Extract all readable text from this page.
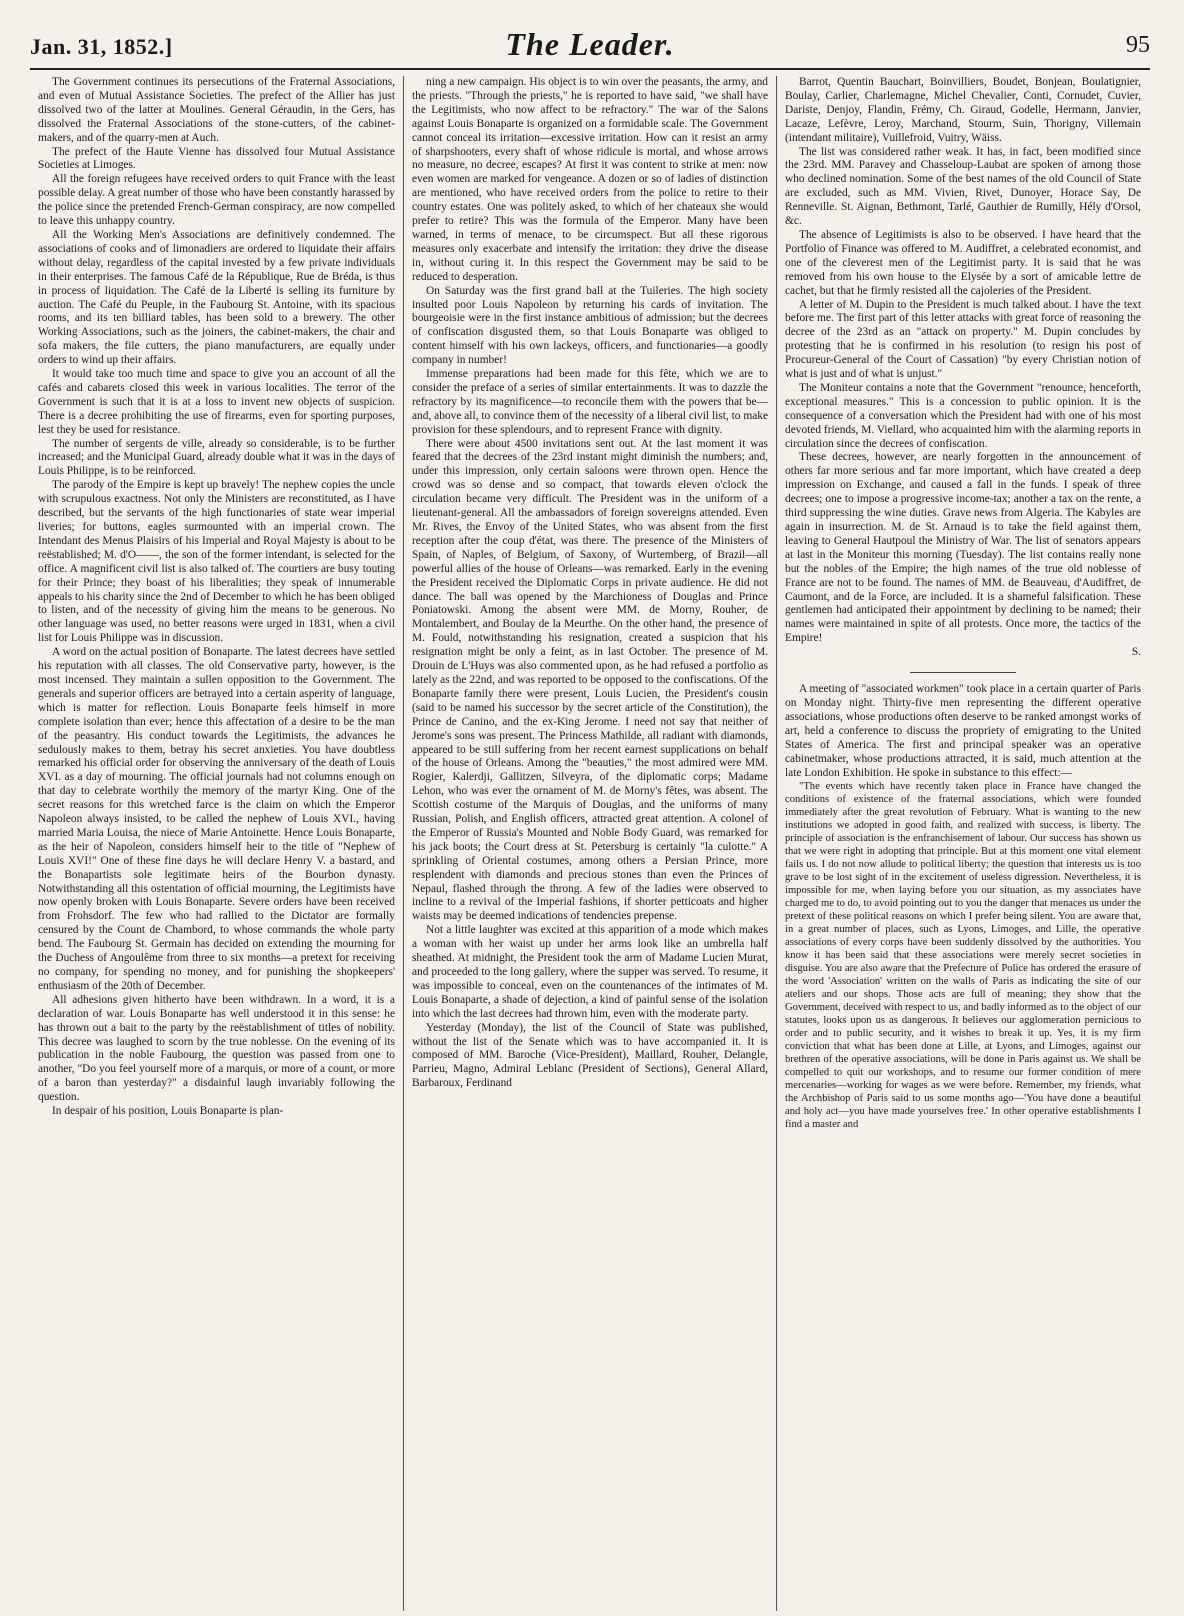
Jan. 31, 1852.]	The Leader.	95

The Government continues its persecutions of the Fraternal Associations, and even of Mutual Assistance Societies. The prefect of the Allier has just dissolved two of the latter at Moulines. General Géraudin, in the Gers, has dissolved the Fraternal Associations of the stone-cutters, of the cabinet-makers, and of the quarry-men at Auch.

The prefect of the Haute Vienne has dissolved four Mutual Assistance Societies at Limoges.

All the foreign refugees have received orders to quit France with the least possible delay. A great number of those who have been constantly harassed by the police since the pretended French-German conspiracy, are now compelled to leave this unhappy country.

All the Working Men's Associations are definitively condemned. The associations of cooks and of limonadiers are ordered to liquidate their affairs without delay, regardless of the capital invested by a few private individuals in their enterprises. The famous Café de la République, Rue de Bréda, is thus in process of liquidation. The Café de la Liberté is selling its furniture by auction. The Café du Peuple, in the Faubourg St. Antoine, with its spacious rooms, and its ten billiard tables, has been sold to a brewery. The other Working Associations, such as the joiners, the cabinet-makers, the chair and sofa makers, the file cutters, the piano manufacturers, are equally under orders to wind up their affairs.

It would take too much time and space to give you an account of all the cafés and cabarets closed this week in various localities. The terror of the Government is such that it is at a loss to invent new objects of suspicion. There is a decree prohibiting the use of firearms, even for sporting purposes, lest they be used for resistance.

The number of sergents de ville, already so considerable, is to be further increased; and the Municipal Guard, already double what it was in the days of Louis Philippe, is to be reinforced.

The parody of the Empire is kept up bravely! The nephew copies the uncle with scrupulous exactness. Not only the Ministers are reconstituted, as I have described, but the servants of the high functionaries of state wear imperial liveries; for buttons, eagles surmounted with an imperial crown. The Intendant des Menus Plaisirs of his Imperial and Royal Majesty is about to be reëstablished; M. d'O——, the son of the former intendant, is selected for the office. A magnificent civil list is also talked of. The courtiers are busy touting for their Prince; they boast of his liberalities; they speak of innumerable appeals to his charity since the 2nd of December to which he has been obliged to listen, and of the necessity of giving him the means to be generous. No other language was used, no better reasons were urged in 1831, when a civil list for Louis Philippe was in discussion.

A word on the actual position of Bonaparte. The latest decrees have settled his reputation with all classes. The old Conservative party, however, is the most incensed. They maintain a sullen opposition to the Government. The generals and superior officers are betrayed into a certain asperity of language, which is matter for reflection. Louis Bonaparte feels himself in more complete isolation than ever; hence this affectation of a desire to be the man of the peasantry. His conduct towards the Legitimists, the advances he sedulously makes to them, betray his secret anxieties. You have doubtless remarked his official order for observing the anniversary of the death of Louis XVI. as a day of mourning. The official journals had not columns enough on that day to celebrate worthily the memory of the martyr King. One of the secret reasons for this wretched farce is the claim on which the Emperor Napoleon always insisted, to be called the nephew of Louis XVI., having married Maria Louisa, the niece of Marie Antoinette. Hence Louis Bonaparte, as the heir of Napoleon, considers himself heir to the title of "Nephew of Louis XVI!" One of these fine days he will declare Henry V. a bastard, and the Bonapartists sole legitimate heirs of the Bourbon dynasty. Notwithstanding all this ostentation of official mourning, the Legitimists have now openly broken with Louis Bonaparte. Severe orders have been received from Frohsdorf. The few who had rallied to the Dictator are formally censured by the Count de Chambord, to whose commands the whole party bend. The Faubourg St. Germain has decided on extending the mourning for the Duchess of Angoulême from three to six months—a pretext for receiving no company, for spending no money, and for punishing the shopkeepers' enthusiasm of the 20th of December.

All adhesions given hitherto have been withdrawn. In a word, it is a declaration of war. Louis Bonaparte has well understood it in this sense: he has thrown out a bait to the party by the reëstablishment of titles of nobility. This decree was laughed to scorn by the true noblesse. On the evening of its publication in the noble Faubourg, the question was passed from one to another, "Do you feel yourself more of a marquis, or more of a count, or more of a baron than yesterday?" a disdainful laugh invariably following the question.

In despair of his position, Louis Bonaparte is plan-

ning a new campaign. His object is to win over the peasants, the army, and the priests. "Through the priests," he is reported to have said, "we shall have the Legitimists, who now affect to be refractory." The war of the Salons against Louis Bonaparte is organized on a formidable scale. The Government cannot conceal its irritation—excessive irritation. How can it resist an army of sharpshooters, every shaft of whose ridicule is mortal, and whose arrows no measure, no decree, escapes? At first it was content to strike at men: now even women are marked for vengeance. A dozen or so of ladies of distinction are mentioned, who have received orders from the police to retire to their country estates. One was politely asked, to which of her chateaux she would prefer to retire? This was the formula of the Emperor. Many have been warned, in terms of menace, to be circumspect. But all these rigorous measures only exacerbate and intensify the irritation: they drive the disease in, without curing it. In this respect the Government may be said to be reduced to desperation.

On Saturday was the first grand ball at the Tuileries. The high society insulted poor Louis Napoleon by returning his cards of invitation. The bourgeoisie were in the first instance ambitious of admission; but the decrees of confiscation disgusted them, so that Louis Bonaparte was obliged to content himself with his own lackeys, officers, and functionaries—a goodly company in number!

Immense preparations had been made for this fête, which we are to consider the preface of a series of similar entertainments. It was to dazzle the refractory by its magnificence—to reconcile them with the powers that be—and, above all, to convince them of the necessity of a liberal civil list, to make provision for these splendours, and to represent France with dignity.

There were about 4500 invitations sent out. At the last moment it was feared that the decrees of the 23rd instant might diminish the numbers; and, under this impression, only certain saloons were thrown open. Hence the crowd was so dense and so compact, that towards eleven o'clock the circulation became very difficult. The President was in the uniform of a lieutenant-general. All the ambassadors of foreign sovereigns attended. Even Mr. Rives, the Envoy of the United States, who was absent from the first reception after the coup d'état, was there. The presence of the Ministers of Spain, of Naples, of Belgium, of Saxony, of Wurtemberg, of Brazil—all powerful allies of the house of Orleans—was remarked. Early in the evening the President received the Diplomatic Corps in private audience. He did not dance. The ball was opened by the Marchioness of Douglas and Prince Poniatowski. Among the absent were MM. de Morny, Rouher, de Montalembert, and Boulay de la Meurthe. On the other hand, the presence of M. Fould, notwithstanding his resignation, created a suspicion that his resignation might be only a feint, as in last October. The presence of M. Drouin de L'Huys was also commented upon, as he had refused a portfolio as lately as the 22nd, and was reported to be opposed to the confiscations. Of the Bonaparte family there were present, Louis Lucien, the President's cousin (said to be named his successor by the secret article of the Constitution), the Prince de Canino, and the ex-King Jerome. I need not say that neither of Jerome's sons was present. The Princess Mathilde, all radiant with diamonds, appeared to be still suffering from her recent earnest supplications on behalf of the house of Orleans. Among the "beauties," the most admired were MM. Rogier, Kalerdji, Gallitzen, Silveyra, of the diplomatic corps; Madame Lehon, who was ever the ornament of M. de Morny's fêtes, was absent. The Scottish costume of the Marquis of Douglas, and the uniforms of many Russian, Polish, and English officers, attracted great attention. A colonel of the Emperor of Russia's Mounted and Noble Body Guard, was remarked for his jack boots; the Court dress at St. Petersburg is certainly "la culotte." A sprinkling of Oriental costumes, among others a Persian Prince, more resplendent with diamonds and precious stones than even the Princes of Nepaul, flashed through the throng. A few of the ladies were observed to incline to a revival of the Imperial fashions, if shorter petticoats and higher waists may be deemed indications of tendencies prepense.

Not a little laughter was excited at this apparition of a mode which makes a woman with her waist up under her arms look like an umbrella half sheathed. At midnight, the President took the arm of Madame Lucien Murat, and proceeded to the long gallery, where the supper was served. To resume, it was impossible to conceal, even on the countenances of the intimates of M. Louis Bonaparte, a shade of dejection, a kind of painful sense of the isolation into which the last decrees had thrown him, even with the moderate party.

Yesterday (Monday), the list of the Council of State was published, without the list of the Senate which was to have accompanied it. It is composed of MM. Baroche (Vice-President), Maillard, Rouher, Delangle, Parrieu, Magno, Admiral Leblanc (President of Sections), General Allard, Barbaroux, Ferdinand

Barrot, Quentin Bauchart, Boinvilliers, Boudet, Bonjean, Boulatignier, Boulay, Carlier, Charlemagne, Michel Chevalier, Conti, Cornudet, Cuvier, Dariste, Denjoy, Flandin, Frémy, Ch. Giraud, Godelle, Hermann, Janvier, Lacaze, Lefèvre, Leroy, Marchand, Stourm, Suin, Thorigny, Villemain (intendant militaire), Vuillefroid, Vuitry, Wäiss.

The list was considered rather weak. It has, in fact, been modified since the 23rd. MM. Paravey and Chasseloup-Laubat are spoken of among those who declined nomination. Some of the best names of the old Council of State are excluded, such as MM. Vivien, Rivet, Dunoyer, Horace Say, De Renneville. St. Aignan, Bethmont, Tarlé, Gauthier de Rumilly, Hély d'Orsol, &c.

The absence of Legitimists is also to be observed. I have heard that the Portfolio of Finance was offered to M. Audiffret, a celebrated economist, and one of the cleverest men of the Legitimist party. It is said that he was removed from his own house to the Elysée by a sort of amicable lettre de cachet, but that he firmly resisted all the cajoleries of the President.

A letter of M. Dupin to the President is much talked about. I have the text before me. The first part of this letter attacks with great force of reasoning the decree of the 23rd as an "attack on property." M. Dupin concludes by protesting that he is confirmed in his resolution (to resign his post of Procureur-General of the Court of Cassation) "by every Christian notion of what is just and of what is unjust."

The Moniteur contains a note that the Government "renounce, henceforth, exceptional measures." This is a concession to public opinion. It is the consequence of a conversation which the President had with one of his most devoted friends, M. Viellard, who acquainted him with the alarming reports in circulation since the decrees of confiscation.

These decrees, however, are nearly forgotten in the announcement of others far more serious and far more important, which have created a deep impression on Exchange, and caused a fall in the funds. I speak of three decrees; one to impose a progressive income-tax; another a tax on the rente, a third suppressing the wine duties. Grave news from Algeria. The Kabyles are again in insurrection. M. de St. Arnaud is to take the field against them, leaving to General Hautpoul the Ministry of War. The list of senators appears at last in the Moniteur this morning (Tuesday). The list contains really none but the nobles of the Empire; the high names of the true old noblesse of France are not to be found. The names of MM. de Beauveau, d'Audiffret, de Caumont, and de la Force, are included. It is a shameful falsification. These gentlemen had anticipated their appointment by declining to be named; their names were maintained in spite of all protests. Once more, the tactics of the Empire!

S.

A meeting of "associated workmen" took place in a certain quarter of Paris on Monday night. Thirty-five men representing the different operative associations, whose productions often deserve to be ranked amongst works of art, held a conference to discuss the propriety of emigrating to the United States of America. The first and principal speaker was an operative cabinetmaker, whose productions attracted, it is said, much attention at the late London Exhibition. He spoke in substance to this effect:—

"The events which have recently taken place in France have changed the conditions of existence of the fraternal associations, which were founded immediately after the great revolution of February. What is wanting to the new institutions we adopted in good faith, and realized with success, is liberty. The principle of association is the enfranchisement of labour. Our success has shown us that we were right in adopting that principle. But at this moment one vital element fails us. I do not now allude to political liberty; the question that interests us is too grave to be lost sight of in the excitement of useless digression. Nevertheless, it is impossible for me, when laying before you our situation, as my associates have charged me to do, to avoid pointing out to you the danger that menaces us under the pretext of these political reasons on which I prefer being silent. You are aware that, in a great number of places, such as Lyons, Limoges, and Lille, the operative associations of every corps have been suddenly dissolved by the authorities. You know it has been said that these associations were merely secret societies in disguise. You are also aware that the Prefecture of Police has ordered the erasure of the word 'Association' written on the walls of Paris as indicating the site of our ateliers and our shops. Those acts are full of meaning; they show that the Government, deceived with respect to us, and badly informed as to the object of our statutes, looks upon us as dangerous. It believes our agglomeration pernicious to order and to public security, and it wishes to break it up. Yes, it is my firm conviction that what has been done at Lille, at Lyons, and Limoges, against our brethren of the operative associations, will be done in Paris against us. We shall be compelled to quit our workshops, and to resume our former condition of mere mercenaries—working for wages as we were before. Remember, my friends, what the Archbishop of Paris said to us some months ago—'You have done a beautiful and holy act—you have made yourselves free.' In other operative establishments I find a master and
